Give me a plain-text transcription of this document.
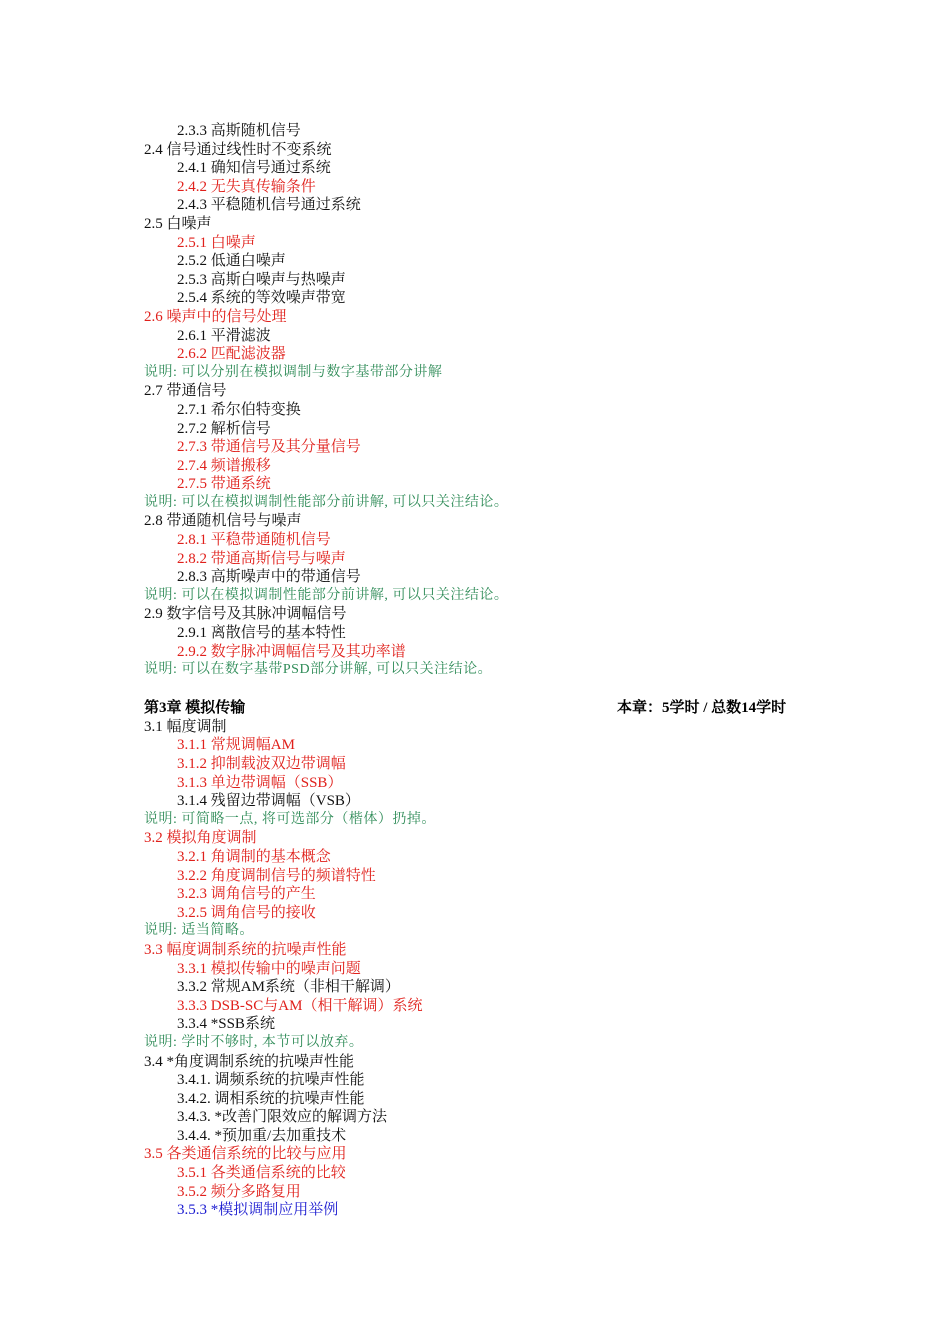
2.3.3 高斯随机信号
2.4 信号通过线性时不变系统
2.4.1 确知信号通过系统
2.4.2 无失真传输条件
2.4.3 平稳随机信号通过系统
2.5 白噪声
2.5.1 白噪声
2.5.2 低通白噪声
2.5.3 高斯白噪声与热噪声
2.5.4 系统的等效噪声带宽
2.6 噪声中的信号处理
2.6.1 平滑滤波
2.6.2 匹配滤波器
说明: 可以分别在模拟调制与数字基带部分讲解
2.7 带通信号
2.7.1 希尔伯特变换
2.7.2 解析信号
2.7.3 带通信号及其分量信号
2.7.4 频谱搬移
2.7.5 带通系统
说明: 可以在模拟调制性能部分前讲解, 可以只关注结论。
2.8 带通随机信号与噪声
2.8.1 平稳带通随机信号
2.8.2 带通高斯信号与噪声
2.8.3 高斯噪声中的带通信号
说明: 可以在模拟调制性能部分前讲解, 可以只关注结论。
2.9 数字信号及其脉冲调幅信号
2.9.1 离散信号的基本特性
2.9.2 数字脉冲调幅信号及其功率谱
说明: 可以在数字基带PSD部分讲解, 可以只关注结论。
第3章 模拟传输	本章：5学时 / 总数14学时
3.1 幅度调制
3.1.1 常规调幅AM
3.1.2 抑制载波双边带调幅
3.1.3 单边带调幅（SSB）
3.1.4 残留边带调幅（VSB）
说明: 可简略一点, 将可选部分（楷体）扔掉。
3.2 模拟角度调制
3.2.1 角调制的基本概念
3.2.2 角度调制信号的频谱特性
3.2.3 调角信号的产生
3.2.5 调角信号的接收
说明: 适当简略。
3.3 幅度调制系统的抗噪声性能
3.3.1 模拟传输中的噪声问题
3.3.2 常规AM系统（非相干解调）
3.3.3 DSB-SC与AM（相干解调）系统
3.3.4 *SSB系统
说明: 学时不够时, 本节可以放弃。
3.4 *角度调制系统的抗噪声性能
3.4.1. 调频系统的抗噪声性能
3.4.2. 调相系统的抗噪声性能
3.4.3. *改善门限效应的解调方法
3.4.4. *预加重/去加重技术
3.5 各类通信系统的比较与应用
3.5.1 各类通信系统的比较
3.5.2 频分多路复用
3.5.3 *模拟调制应用举例
